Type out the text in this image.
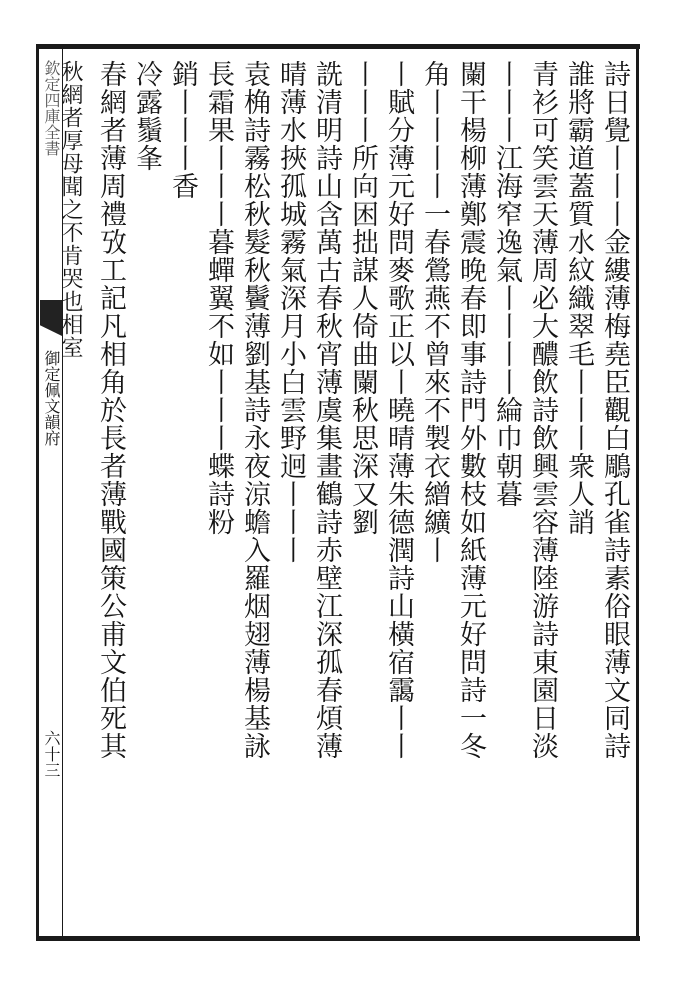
欽定四庫全書
御定佩文韻府
六十三	詩日覺丨丨丨金縷薄梅堯臣觀白鵰孔雀詩素俗眼薄文同詩
誰將霸道蓋質水紋織翠毛丨丨丨衆人誚
青衫可笑雲天薄周必大醲飲詩飲興雲容薄陸游詩東園日淡
丨丨丨江海窄逸氣丨丨丨丨綸巾朝暮
闌干楊柳薄鄭震晚春即事詩門外數枝如紙薄元好問詩一冬
角丨丨丨丨一春鶯燕不曾來不製衣繒纊丨
丨賦分薄元好問麥歌正以丨曉晴薄朱德潤詩山橫宿靄丨丨
丨丨丨所向困拙謀人倚曲闌秋思深又劉
詵清明詩山含萬古春秋宵薄虞集畫鶴詩赤壁江深孤春煩薄
晴薄水挾孤城霧氣深月小白雲野迥丨丨丨
袁桷詩霧松秋髮秋鬢薄劉基詩永夜涼蟾入羅烟翅薄楊基詠
長霜果丨丨丨暮蟬翼不如丨丨丨蝶詩粉
銷丨丨丨香
冷露鬚夆
春網者薄周禮攷工記凡相角於長者薄戰國策公甫文伯死其
秋網者厚母聞之不肯哭也相室
